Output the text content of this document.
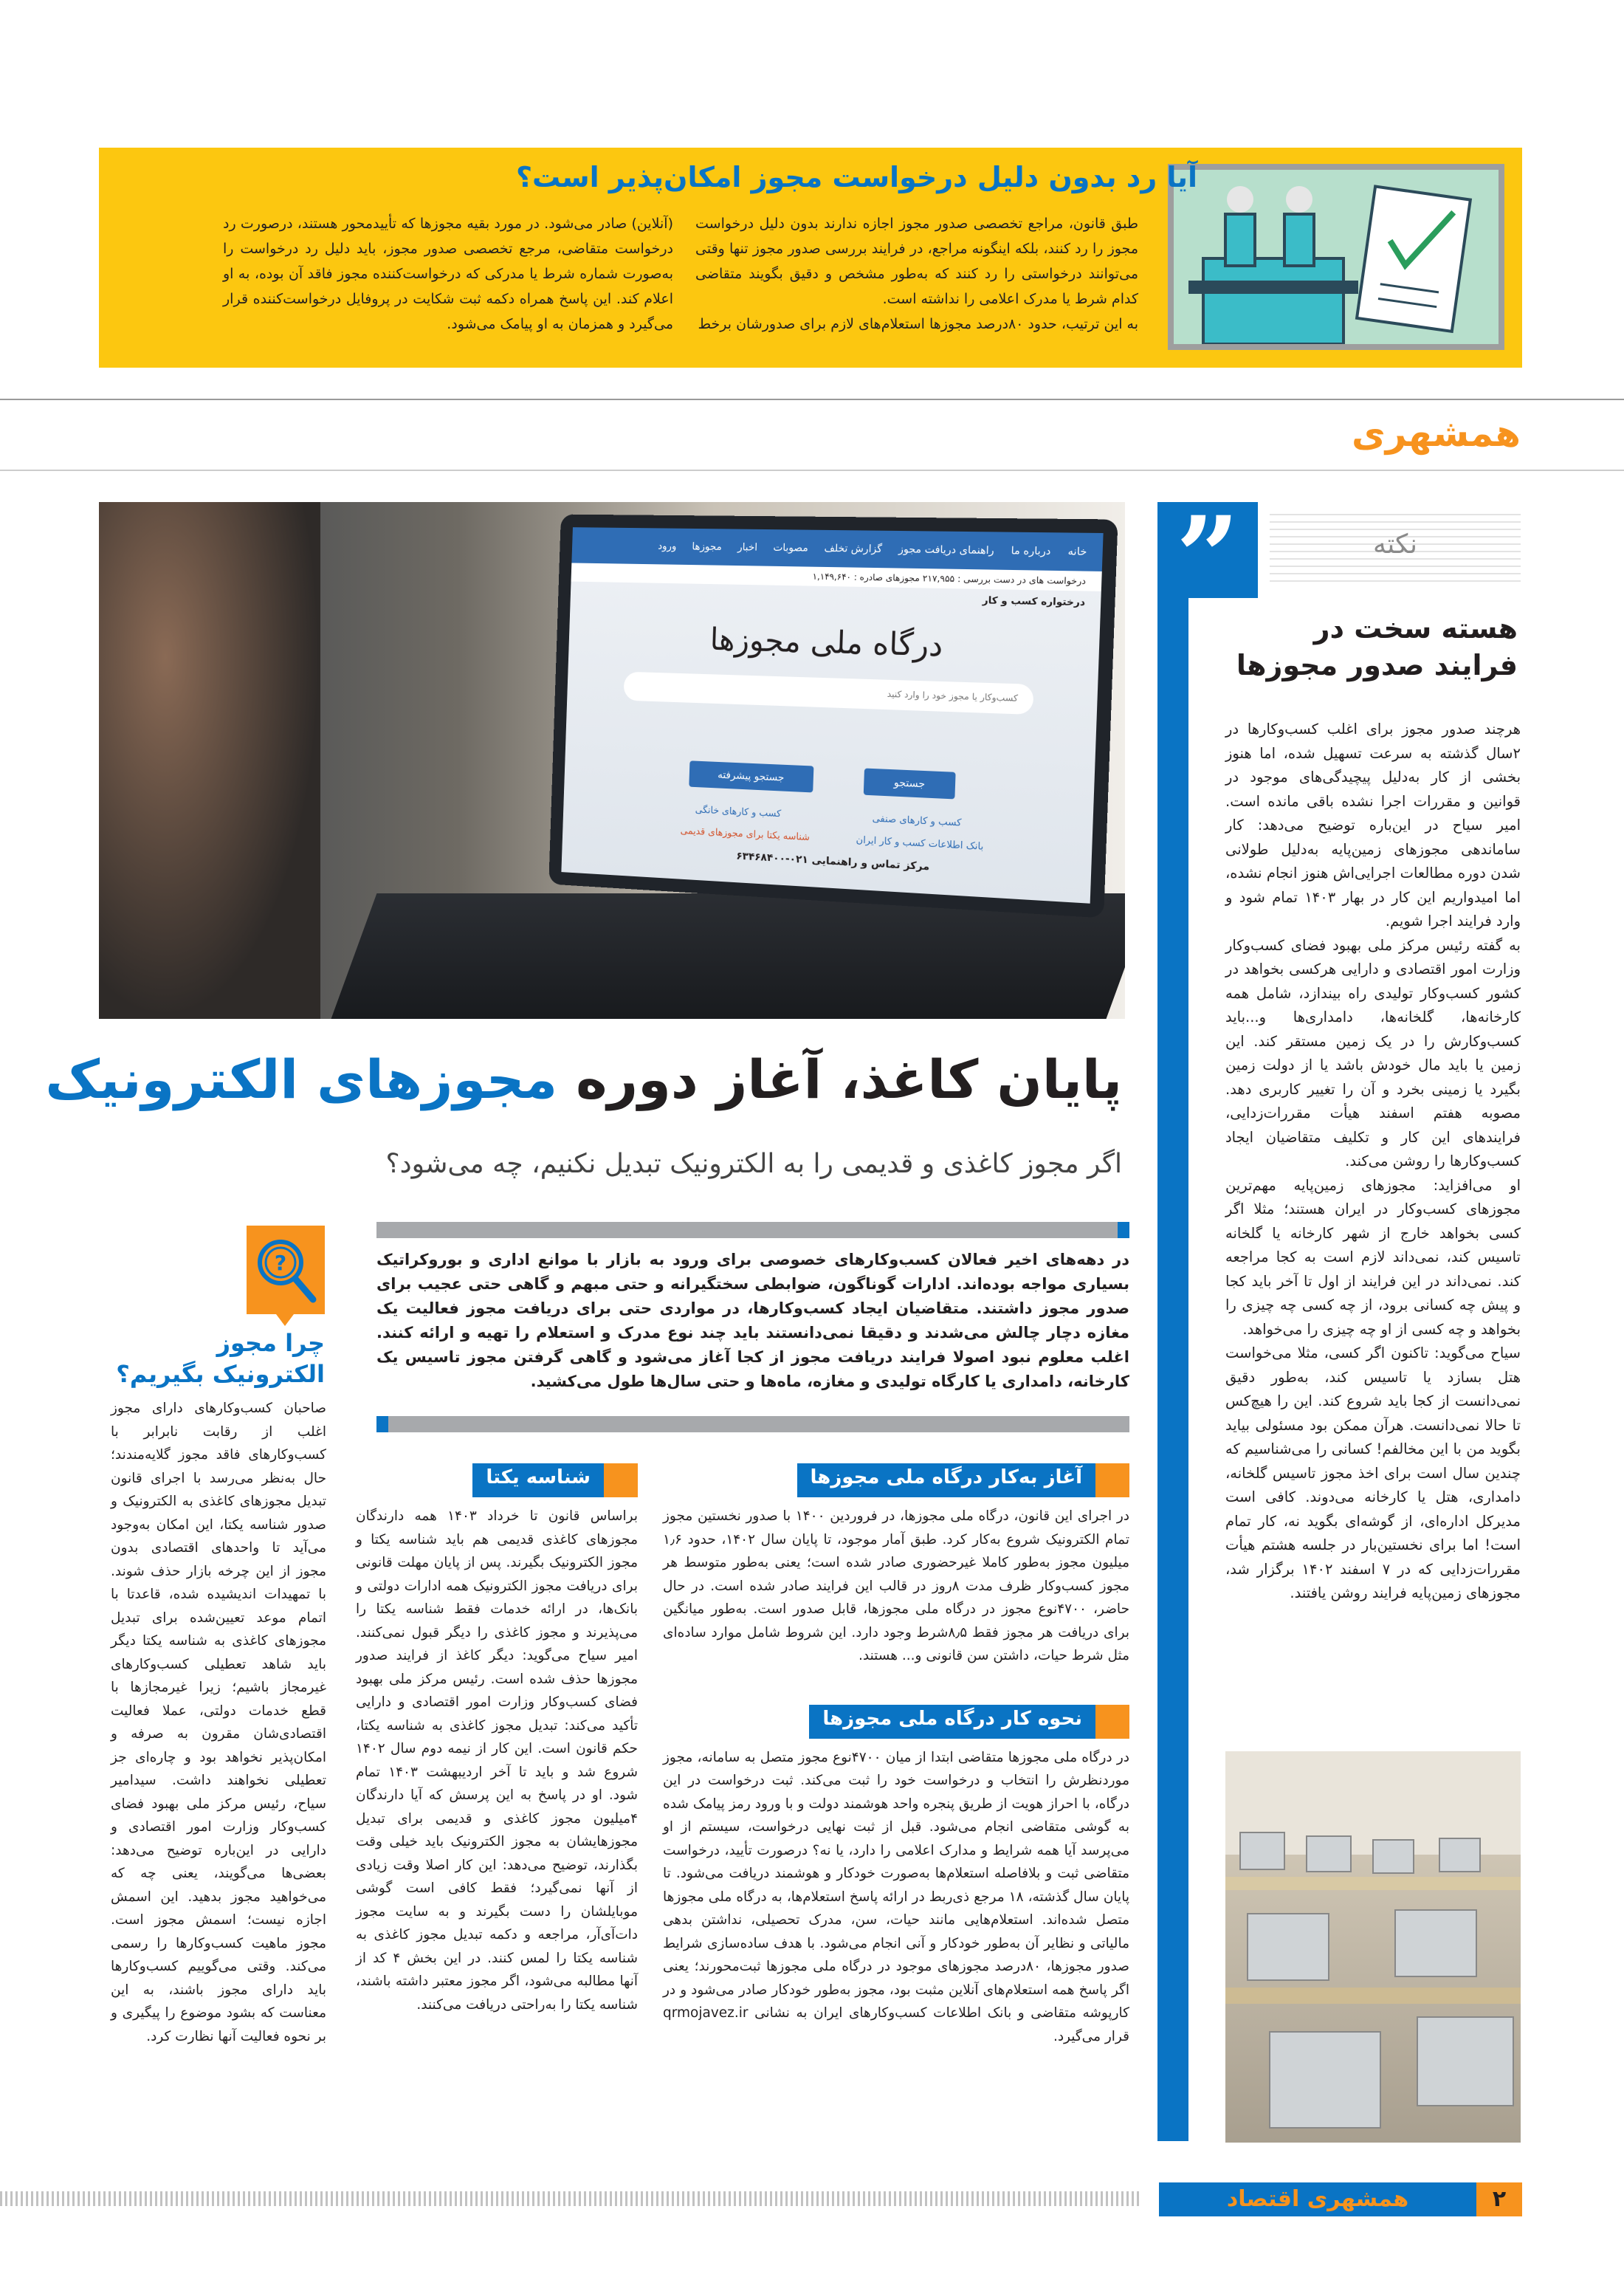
آیا رد بدون دلیل درخواست مجوز امکان‌پذیر است؟

طبق قانون، مراجع تخصصی صدور مجوز اجازه ندارند بدون دلیل درخواست مجوز را رد کنند، بلکه اینگونه مراجع، در فرایند بررسی صدور مجوز تنها وقتی می‌توانند درخواستی را رد کنند که به‌طور مشخص و دقیق بگویند متقاضی کدام شرط یا مدرک اعلامی را نداشته است.

به این ترتیب، حدود ۸۰درصد مجوزها استعلام‌های لازم برای صدورشان برخط

(آنلاین) صادر می‌شود. در مورد بقیه مجوزها که تأییدمحور هستند، درصورت رد درخواست متقاضی، مرجع تخصصی صدور مجوز، باید دلیل رد درخواست را به‌صورت شماره شرط یا مدرکی که درخواست‌کننده مجوز فاقد آن بوده، به او اعلام کند. این پاسخ همراه دکمه ثبت شکایت در پروفایل درخواست‌کننده قرار می‌گیرد و همزمان به او پیامک می‌شود.
همشهری
خانه
درباره ما
راهنمای دریافت مجوز
گزارش تخلف
مصوبات
اخبار
مجوزها
ورود
درخواست های در دست بررسی : ۲۱۷,۹۵۵ مجوزهای صادره : ۱,۱۴۹,۶۴۰
درختواره کسب و کار
درگاه ملی مجوزها
کسب‌وکار یا مجوز خود را وارد کنید
جستجو
جستجو پیشرفته
کسب و کارهای صنفی
کسب و کارهای خانگی
بانک اطلاعات کسب و کار ایران
شناسه یکتا برای مجوزهای قدیمی
مرکز تماس و راهنمایی ۰۲۱-۶۳۴۶۸۴۰۰
پایان کاغذ، آغاز دوره مجوزهای الکترونیک
اگر مجوز کاغذی و قدیمی را به الکترونیک تبدیل نکنیم، چه می‌شود؟
در دهه‌های اخیر فعالان کسب‌وکارهای خصوصی برای ورود به بازار با موانع اداری و بوروکراتیک بسیاری مواجه بوده‌اند. ادارات گوناگون، ضوابطی سختگیرانه و حتی مبهم و گاهی حتی عجیب برای صدور مجوز داشتند. متقاضیان ایجاد کسب‌وکارها، در مواردی حتی برای دریافت مجوز فعالیت یک مغازه دچار چالش می‌شدند و دقیقا نمی‌دانستند باید چند نوع مدرک و استعلام را تهیه و ارائه کنند. اغلب معلوم نبود اصولا فرایند دریافت مجوز از کجا آغاز می‌شود و گاهی گرفتن مجوز تاسیس یک کارخانه، دامداری یا کارگاه تولیدی و مغازه، ماه‌ها و حتی سال‌ها طول می‌کشید.
آغاز به‌کار درگاه ملی مجوزها

در اجرای این قانون، درگاه ملی مجوزها، در فروردین ۱۴۰۰ با صدور نخستین مجوز تمام الکترونیک شروع به‌کار کرد. طبق آمار موجود، تا پایان سال ۱۴۰۲، حدود ۱٫۶ میلیون مجوز به‌طور کاملا غیرحضوری صادر شده است؛ یعنی به‌طور متوسط هر مجوز کسب‌وکار ظرف مدت ۸روز در قالب این فرایند صادر شده است. در حال حاضر، ۴۷۰۰نوع مجوز در درگاه ملی مجوزها، قابل صدور است. به‌طور میانگین برای دریافت هر مجوز فقط ۸٫۵شرط وجود دارد. این شروط شامل موارد ساده‌ای مثل شرط حیات، داشتن سن قانونی و... هستند.

نحوه کار درگاه ملی مجوزها

در درگاه ملی مجوزها متقاضی ابتدا از میان ۴۷۰۰نوع مجوز متصل به سامانه، مجوز موردنظرش را انتخاب و درخواست خود را ثبت می‌کند. ثبت درخواست در این درگاه، با احراز هویت از طریق پنجره واحد هوشمند دولت و با ورود رمز پیامک شده به گوشی متقاضی انجام می‌شود. قبل از ثبت نهایی درخواست، سیستم از او می‌پرسد آیا همه شرایط و مدارک اعلامی را دارد، یا نه؟ درصورت تأیید، درخواست متقاضی ثبت و بلافاصله استعلام‌ها به‌صورت خودکار و هوشمند دریافت می‌شود. تا پایان سال گذشته، ۱۸ مرجع ذی‌ربط در ارائه پاسخ استعلام‌ها، به درگاه ملی مجوزها متصل شده‌اند. استعلام‌هایی مانند حیات، سن، مدرک تحصیلی، نداشتن بدهی مالیاتی و نظایر آن به‌طور خودکار و آنی انجام می‌شود. با هدف ساده‌سازی شرایط صدور مجوزها، ۸۰درصد مجوزهای موجود در درگاه ملی مجوزها ثبت‌محورند؛ یعنی اگر پاسخ همه استعلام‌های آنلاین مثبت بود، مجوز به‌طور خودکار صادر می‌شود و در کارپوشه متقاضی و بانک اطلاعات کسب‌وکارهای ایران به نشانی qrmojavez.ir قرار می‌گیرد.

شناسه یکتا

براساس قانون تا خرداد ۱۴۰۳ همه دارندگان مجوزهای کاغذی قدیمی هم باید شناسه یکتا و مجوز الکترونیک بگیرند. پس از پایان مهلت قانونی برای دریافت مجوز الکترونیک همه ادارات دولتی و بانک‌ها، در ارائه خدمات فقط شناسه یکتا را می‌پذیرند و مجوز کاغذی را دیگر قبول نمی‌کنند. امیر سیاح می‌گوید: دیگر کاغذ از فرایند صدور مجوزها حذف شده است. رئیس مرکز ملی بهبود فضای کسب‌وکار وزارت امور اقتصادی و دارایی تأکید می‌کند: تبدیل مجوز کاغذی به شناسه یکتا، حکم قانون است. این کار از نیمه دوم سال ۱۴۰۲ شروع شد و باید تا آخر اردیبهشت ۱۴۰۳ تمام شود. او در پاسخ به این پرسش که آیا دارندگان ۴میلیون مجوز کاغذی و قدیمی برای تبدیل مجوزهایشان به مجوز الکترونیک باید خیلی وقت بگذارند، توضیح می‌دهد: این کار اصلا وقت زیادی از آنها نمی‌گیرد؛ فقط کافی است گوشی موبایلشان را دست بگیرند و به سایت مجوز دات‌آی‌آر، مراجعه و دکمه تبدیل مجوز کاغذی به شناسه یکتا را لمس کنند. در این بخش ۴ کد از آنها مطالبه می‌شود، اگر مجوز معتبر داشته باشند، شناسه یکتا را به‌راحتی دریافت می‌کنند.

?
چرا مجوز الکترونیک بگیریم؟

صاحبان کسب‌وکارهای دارای مجوز اغلب از رقابت نابرابر با کسب‌وکارهای فاقد مجوز گلایه‌مندند؛ حال به‌نظر می‌رسد با اجرای قانون تبدیل مجوزهای کاغذی به الکترونیک و صدور شناسه یکتا، این امکان به‌وجود می‌آید تا واحدهای اقتصادی بدون مجوز از این چرخه بازار حذف شوند. با تمهیدات اندیشیده شده، قاعدتا با اتمام موعد تعیین‌شده برای تبدیل مجوزهای کاغذی به شناسه یکتا دیگر باید شاهد تعطیلی کسب‌وکارهای غیرمجاز باشیم؛ زیرا غیرمجازها با قطع خدمات دولتی، عملا فعالیت اقتصادی‌شان مقرون به صرفه و امکان‌پذیر نخواهد بود و چاره‌ای جز تعطیلی نخواهند داشت. سیدامیر سیاح، رئیس مرکز ملی بهبود فضای کسب‌وکار وزارت امور اقتصادی و دارایی در این‌باره توضیح می‌دهد: بعضی‌ها می‌گویند، یعنی چه که می‌خواهید مجوز بدهید. این اسمش اجازه نیست؛ اسمش مجوز است. مجوز ماهیت کسب‌وکارها را رسمی می‌کند. وقتی می‌گوییم کسب‌وکارها باید دارای مجوز باشند، به این معناست که بشود موضوع را پیگیری و بر نحوه فعالیت آنها نظارت کرد.

”	نکته
هسته سخت در فرایند صدور مجوزها

هرچند صدور مجوز برای اغلب کسب‌وکارها در ۲سال گذشته به سرعت تسهیل شده، اما هنوز بخشی از کار به‌دلیل پیچیدگی‌های موجود در قوانین و مقررات اجرا نشده باقی مانده است. امیر سیاح در این‌باره توضیح می‌دهد: کار ساماندهی مجوزهای زمین‌پایه به‌دلیل طولانی شدن دوره مطالعات اجرایی‌اش هنوز انجام نشده، اما امیدواریم این کار در بهار ۱۴۰۳ تمام شود و وارد فرایند اجرا شویم.

به گفته رئیس مرکز ملی بهبود فضای کسب‌وکار وزارت امور اقتصادی و دارایی هرکسی بخواهد در کشور کسب‌وکار تولیدی راه بیندازد، شامل همه کارخانه‌ها، گلخانه‌ها، دامداری‌ها و...باید کسب‌وکارش را در یک زمین مستقر کند. این زمین یا باید مال خودش باشد یا از دولت زمین بگیرد یا زمینی بخرد و آن را تغییر کاربری دهد. مصوبه هفتم اسفند هیأت مقررات‌زدایی، فرایندهای این کار و تکلیف متقاضیان ایجاد کسب‌وکارها را روشن می‌کند.

او می‌افزاید: مجوزهای زمین‌پایه مهم‌ترین مجوزهای کسب‌وکار در ایران هستند؛ مثلا اگر کسی بخواهد خارج از شهر کارخانه یا گلخانه تاسیس کند، نمی‌داند لازم است به کجا مراجعه کند. نمی‌داند در این فرایند از اول تا آخر باید کجا و پیش چه کسانی برود، از چه کسی چه چیزی را بخواهد و چه کسی از او چه چیزی را می‌خواهد.

سیاح می‌گوید: تاکنون اگر کسی، مثلا می‌خواست هتل بسازد یا تاسیس کند، به‌طور دقیق نمی‌دانست از کجا باید شروع کند. این را هیچ‌کس تا حالا نمی‌دانست. هرآن ممکن بود مسئولی بیاید بگوید من با این مخالفم! کسانی را می‌شناسیم که چندین سال است برای اخذ مجوز تاسیس گلخانه، دامداری، هتل یا کارخانه می‌دوند. کافی است مدیرکل اداره‌ای، از گوشه‌ای بگوید نه، کار تمام است! اما برای نخستین‌بار در جلسه هشتم هیأت مقررات‌زدایی که در ۷ اسفند ۱۴۰۲ برگزار شد، مجوزهای زمین‌پایه فرایند روشن یافتند.

همشهری اقتصاد	۲
